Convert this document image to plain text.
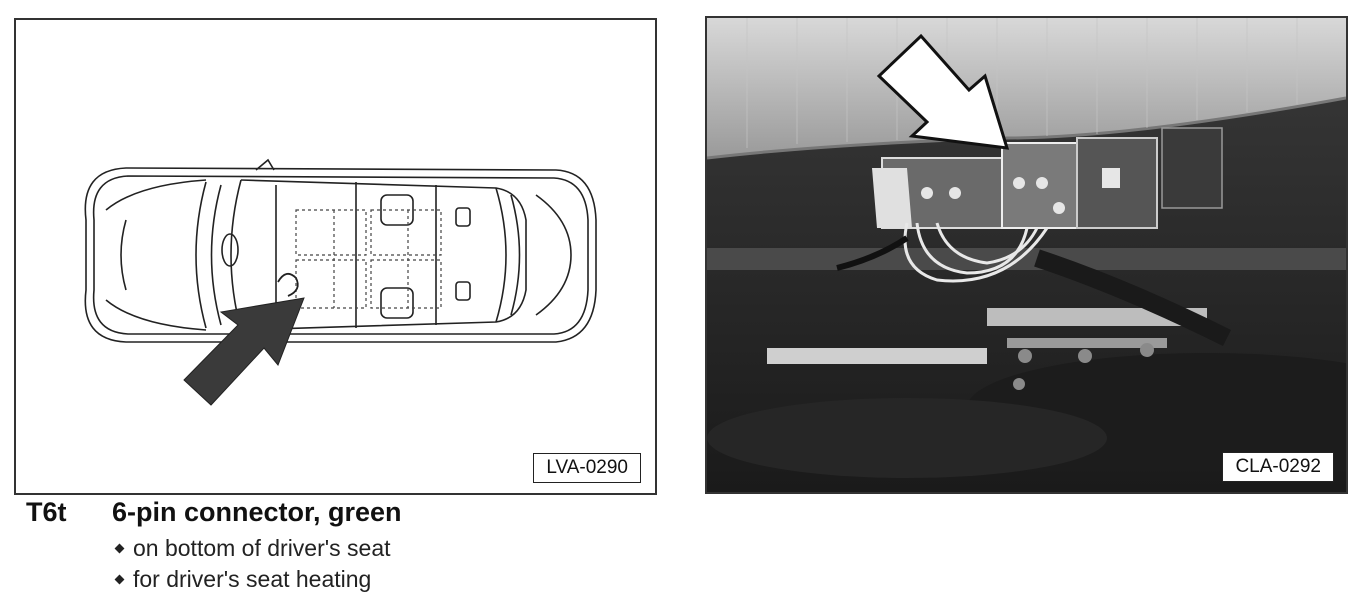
LVA-0290	CLA-0292
T6t 6-pin connector, green
on bottom of driver's seat
for driver's seat heating
